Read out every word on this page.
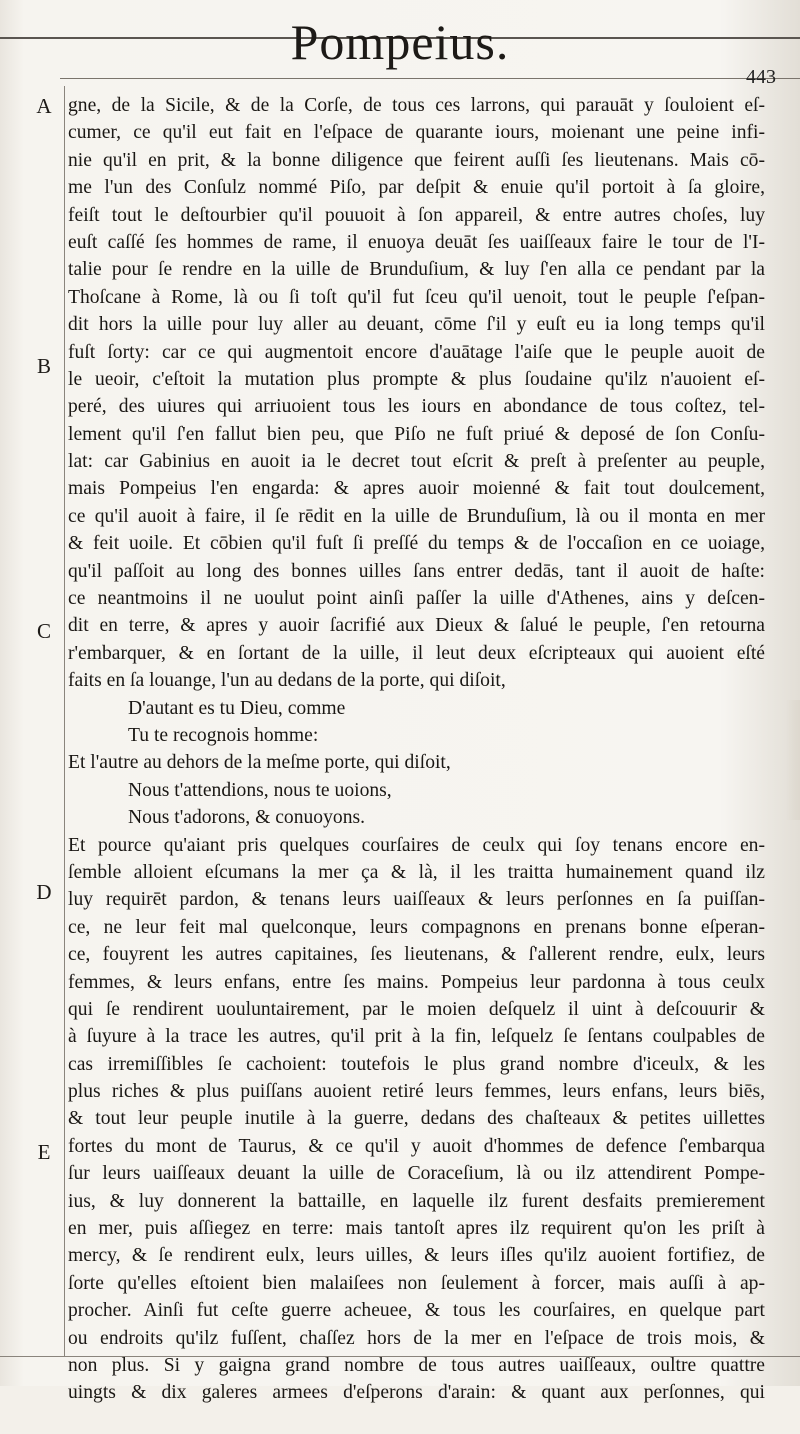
Pompeius.
443
A
B
C
D
E
gne, de la Sicile, & de la Corſe, de tous ces larrons, qui parauāt y ſouloient eſ-
cumer, ce qu'il eut fait en l'eſpace de quarante iours, moienant une peine infi-
nie qu'il en prit, & la bonne diligence que feirent auſſi ſes lieutenans. Mais cō-
me l'un des Conſulz nommé Piſo, par deſpit & enuie qu'il portoit à ſa gloire,
feiſt tout le deſtourbier qu'il pouuoit à ſon appareil, & entre autres choſes, luy
euſt caſſé ſes hommes de rame, il enuoya deuāt ſes uaiſſeaux faire le tour de l'I-
talie pour ſe rendre en la uille de Brunduſium, & luy ſ'en alla ce pendant par la
Thoſcane à Rome, là ou ſi toſt qu'il fut ſceu qu'il uenoit, tout le peuple ſ'eſpan-
dit hors la uille pour luy aller au deuant, cōme ſ'il y euſt eu ia long temps qu'il
fuſt ſorty: car ce qui augmentoit encore d'auātage l'aiſe que le peuple auoit de
le ueoir, c'eſtoit la mutation plus prompte & plus ſoudaine qu'ilz n'auoient eſ-
peré, des uiures qui arriuoient tous les iours en abondance de tous coſtez, tel-
lement qu'il ſ'en fallut bien peu, que Piſo ne fuſt priué & deposé de ſon Conſu-
lat: car Gabinius en auoit ia le decret tout eſcrit & preſt à preſenter au peuple,
mais Pompeius l'en engarda: & apres auoir moienné & fait tout doulcement,
ce qu'il auoit à faire, il ſe rēdit en la uille de Brunduſium, là ou il monta en mer
& feit uoile. Et cōbien qu'il fuſt ſi preſſé du temps & de l'occaſion en ce uoiage,
qu'il paſſoit au long des bonnes uilles ſans entrer dedās, tant il auoit de haſte:
ce neantmoins il ne uoulut point ainſi paſſer la uille d'Athenes, ains y deſcen-
dit en terre, & apres y auoir ſacrifié aux Dieux & ſalué le peuple, ſ'en retourna
r'embarquer, & en ſortant de la uille, il leut deux eſcripteaux qui auoient eſté
faits en ſa louange, l'un au dedans de la porte, qui diſoit,
D'autant es tu Dieu, comme
Tu te recognois homme:
Et l'autre au dehors de la meſme porte, qui diſoit,
Nous t'attendions, nous te uoions,
Nous t'adorons, & conuoyons.
Et pource qu'aiant pris quelques courſaires de ceulx qui ſoy tenans encore en-
ſemble alloient eſcumans la mer ça & là, il les traitta humainement quand ilz
luy requirēt pardon, & tenans leurs uaiſſeaux & leurs perſonnes en ſa puiſſan-
ce, ne leur feit mal quelconque, leurs compagnons en prenans bonne eſperan-
ce, fouyrent les autres capitaines, ſes lieutenans, & ſ'allerent rendre, eulx, leurs
femmes, & leurs enfans, entre ſes mains. Pompeius leur pardonna à tous ceulx
qui ſe rendirent uouluntairement, par le moien deſquelz il uint à deſcouurir &
à ſuyure à la trace les autres, qu'il prit à la fin, leſquelz ſe ſentans coulpables de
cas irremiſſibles ſe cachoient: toutefois le plus grand nombre d'iceulx, & les
plus riches & plus puiſſans auoient retiré leurs femmes, leurs enfans, leurs biēs,
& tout leur peuple inutile à la guerre, dedans des chaſteaux & petites uillettes
fortes du mont de Taurus, & ce qu'il y auoit d'hommes de defence ſ'embarqua
ſur leurs uaiſſeaux deuant la uille de Coraceſium, là ou ilz attendirent Pompe-
ius, & luy donnerent la battaille, en laquelle ilz furent desfaits premierement
en mer, puis aſſiegez en terre: mais tantoſt apres ilz requirent qu'on les priſt à
mercy, & ſe rendirent eulx, leurs uilles, & leurs iſles qu'ilz auoient fortifiez, de
ſorte qu'elles eſtoient bien malaiſees non ſeulement à forcer, mais auſſi à ap-
procher. Ainſi fut ceſte guerre acheuee, & tous les courſaires, en quelque part
ou endroits qu'ilz fuſſent, chaſſez hors de la mer en l'eſpace de trois mois, &
non plus. Si y gaigna grand nombre de tous autres uaiſſeaux, oultre quattre
uingts & dix galeres armees d'eſperons d'arain: & quant aux perſonnes, qui
